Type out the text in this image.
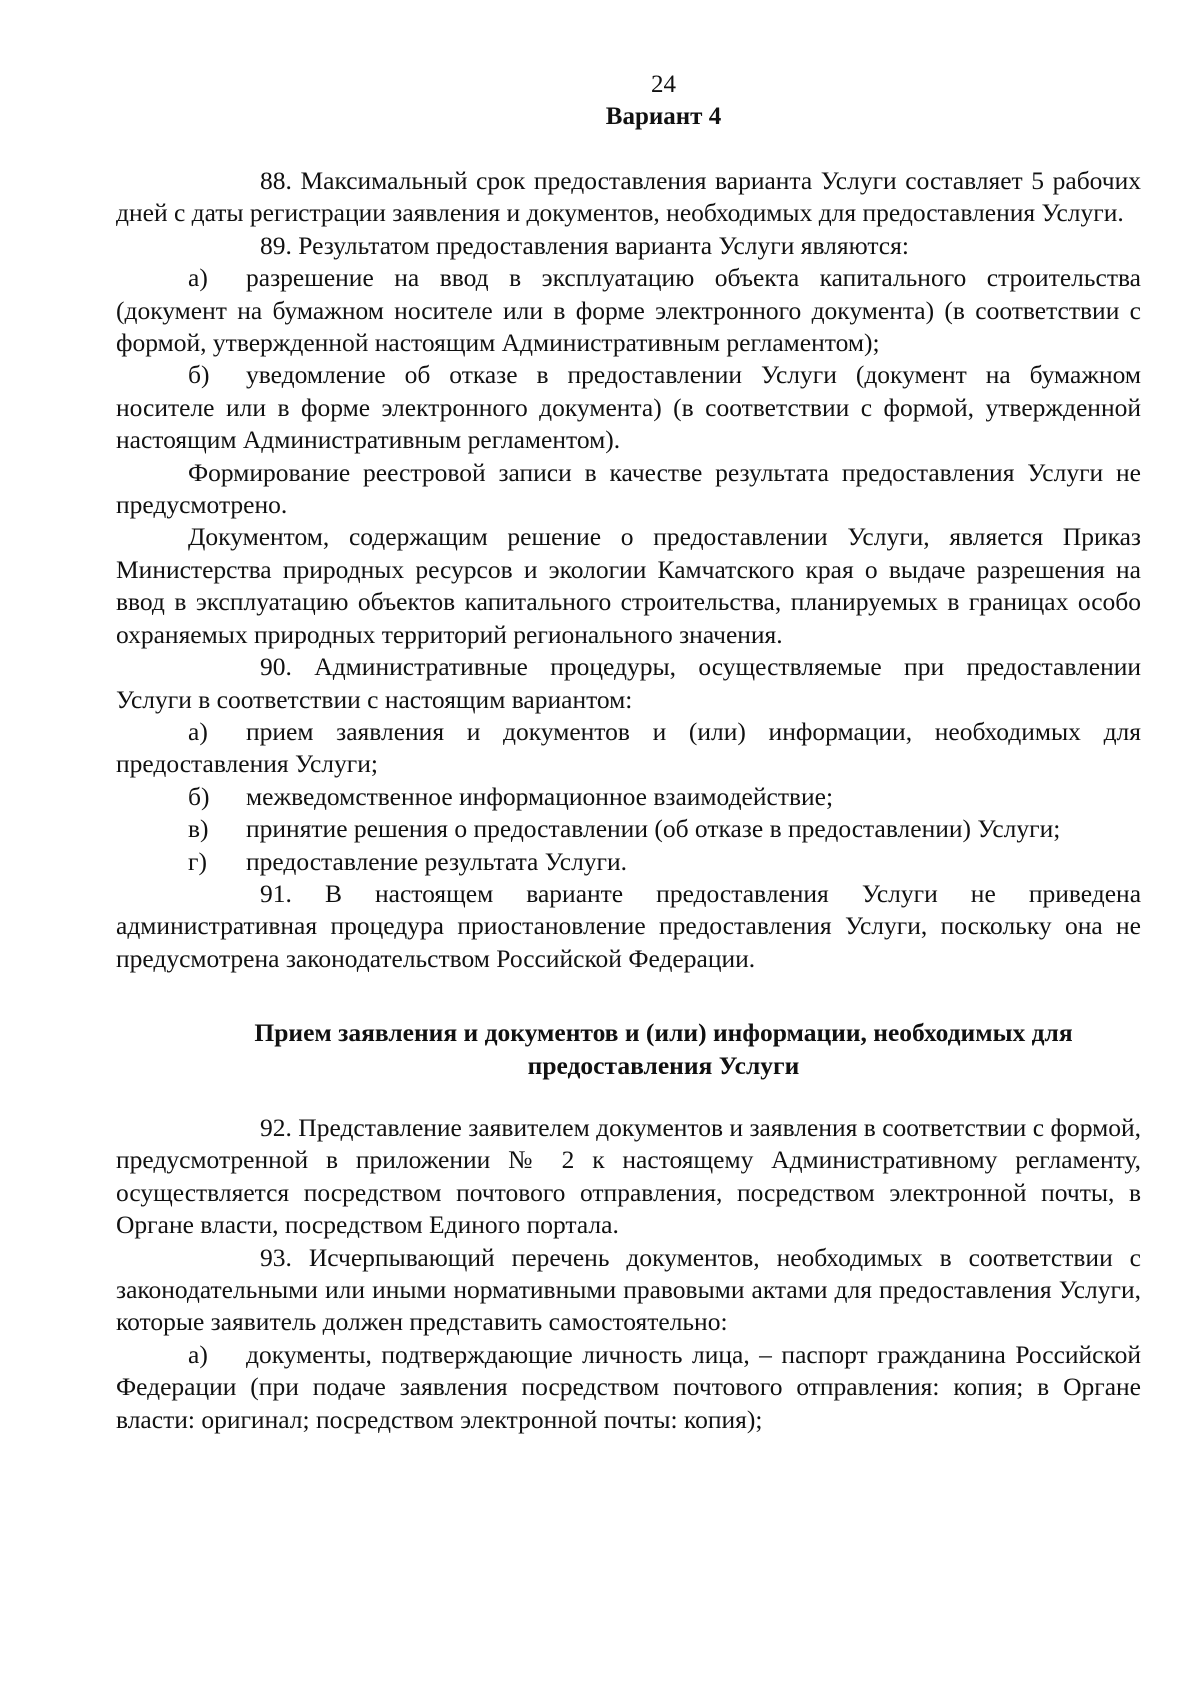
24
Вариант 4

88. Максимальный срок предоставления варианта Услуги составляет 5 рабочих дней с даты регистрации заявления и документов, необходимых для предоставления Услуги.

89. Результатом предоставления варианта Услуги являются:

а) разрешение на ввод в эксплуатацию объекта капитального строительства (документ на бумажном носителе или в форме электронного документа) (в соответствии с формой, утвержденной настоящим Административным регламентом);

б) уведомление об отказе в предоставлении Услуги (документ на бумажном носителе или в форме электронного документа) (в соответствии с формой, утвержденной настоящим Административным регламентом).

Формирование реестровой записи в качестве результата предоставления Услуги не предусмотрено.

Документом, содержащим решение о предоставлении Услуги, является Приказ Министерства природных ресурсов и экологии Камчатского края о выдаче разрешения на ввод в эксплуатацию объектов капитального строительства, планируемых в границах особо охраняемых природных территорий регионального значения.

90. Административные процедуры, осуществляемые при предоставлении Услуги в соответствии с настоящим вариантом:

а) прием заявления и документов и (или) информации, необходимых для предоставления Услуги;

б) межведомственное информационное взаимодействие;

в) принятие решения о предоставлении (об отказе в предоставлении) Услуги;

г) предоставление результата Услуги.

91. В настоящем варианте предоставления Услуги не приведена административная процедура приостановление предоставления Услуги, поскольку она не предусмотрена законодательством Российской Федерации.

Прием заявления и документов и (или) информации, необходимых для
предоставления Услуги

92. Представление заявителем документов и заявления в соответствии с формой, предусмотренной в приложении № 2 к настоящему Административному регламенту, осуществляется посредством почтового отправления, посредством электронной почты, в Органе власти, посредством Единого портала.

93. Исчерпывающий перечень документов, необходимых в соответствии с законодательными или иными нормативными правовыми актами для предоставления Услуги, которые заявитель должен представить самостоятельно:

а) документы, подтверждающие личность лица, – паспорт гражданина Российской Федерации (при подаче заявления посредством почтового отправления: копия; в Органе власти: оригинал; посредством электронной почты: копия);
